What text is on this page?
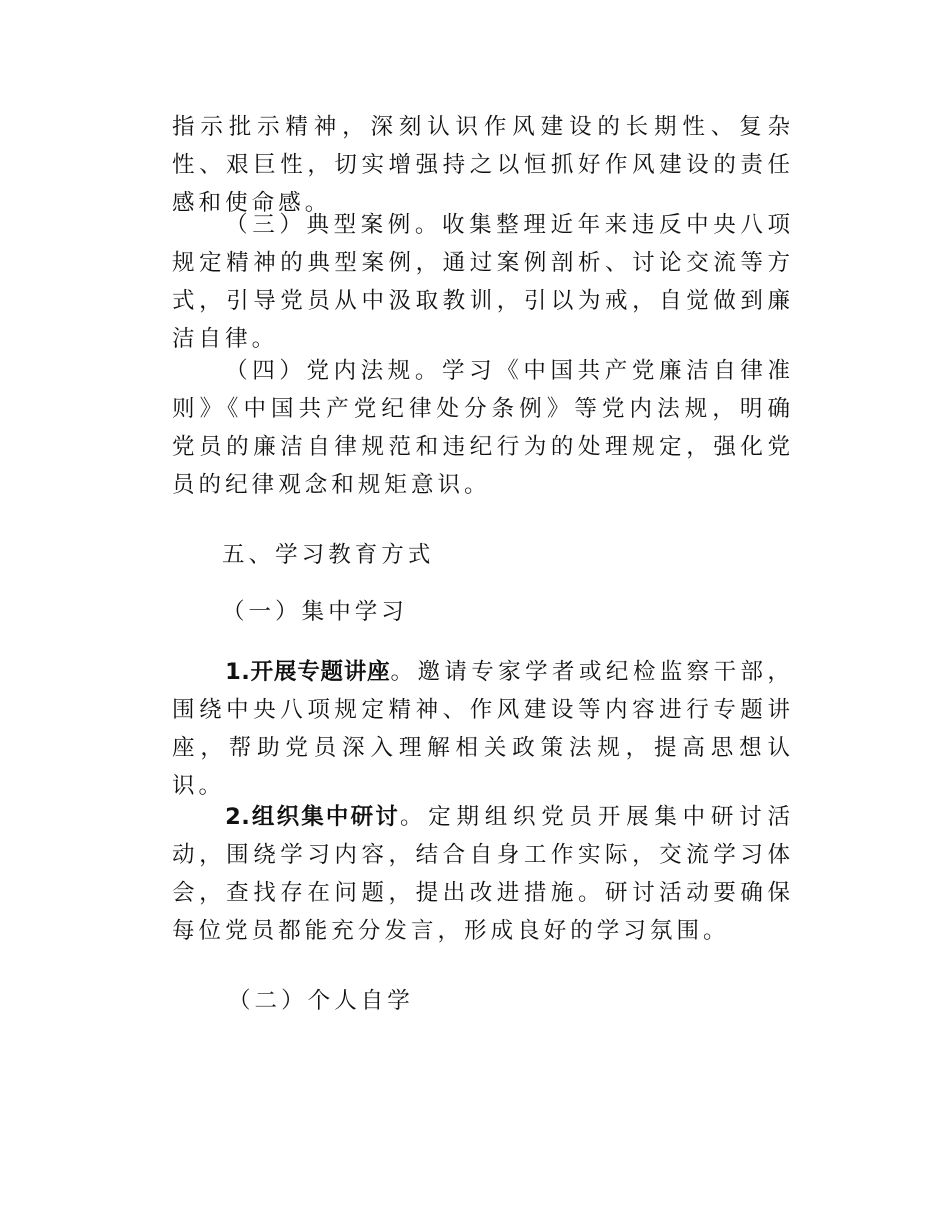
指示批示精神，深刻认识作风建设的长期性、复杂性、艰巨性，切实增强持之以恒抓好作风建设的责任感和使命感。

（三）典型案例。收集整理近年来违反中央八项规定精神的典型案例，通过案例剖析、讨论交流等方式，引导党员从中汲取教训，引以为戒，自觉做到廉洁自律。

（四）党内法规。学习《中国共产党廉洁自律准则》《中国共产党纪律处分条例》等党内法规，明确党员的廉洁自律规范和违纪行为的处理规定，强化党员的纪律观念和规矩意识。

五、学习教育方式

（一）集中学习

1.开展专题讲座。邀请专家学者或纪检监察干部，围绕中央八项规定精神、作风建设等内容进行专题讲座，帮助党员深入理解相关政策法规，提高思想认识。

2.组织集中研讨。定期组织党员开展集中研讨活动，围绕学习内容，结合自身工作实际，交流学习体会，查找存在问题，提出改进措施。研讨活动要确保每位党员都能充分发言，形成良好的学习氛围。

（二）个人自学
